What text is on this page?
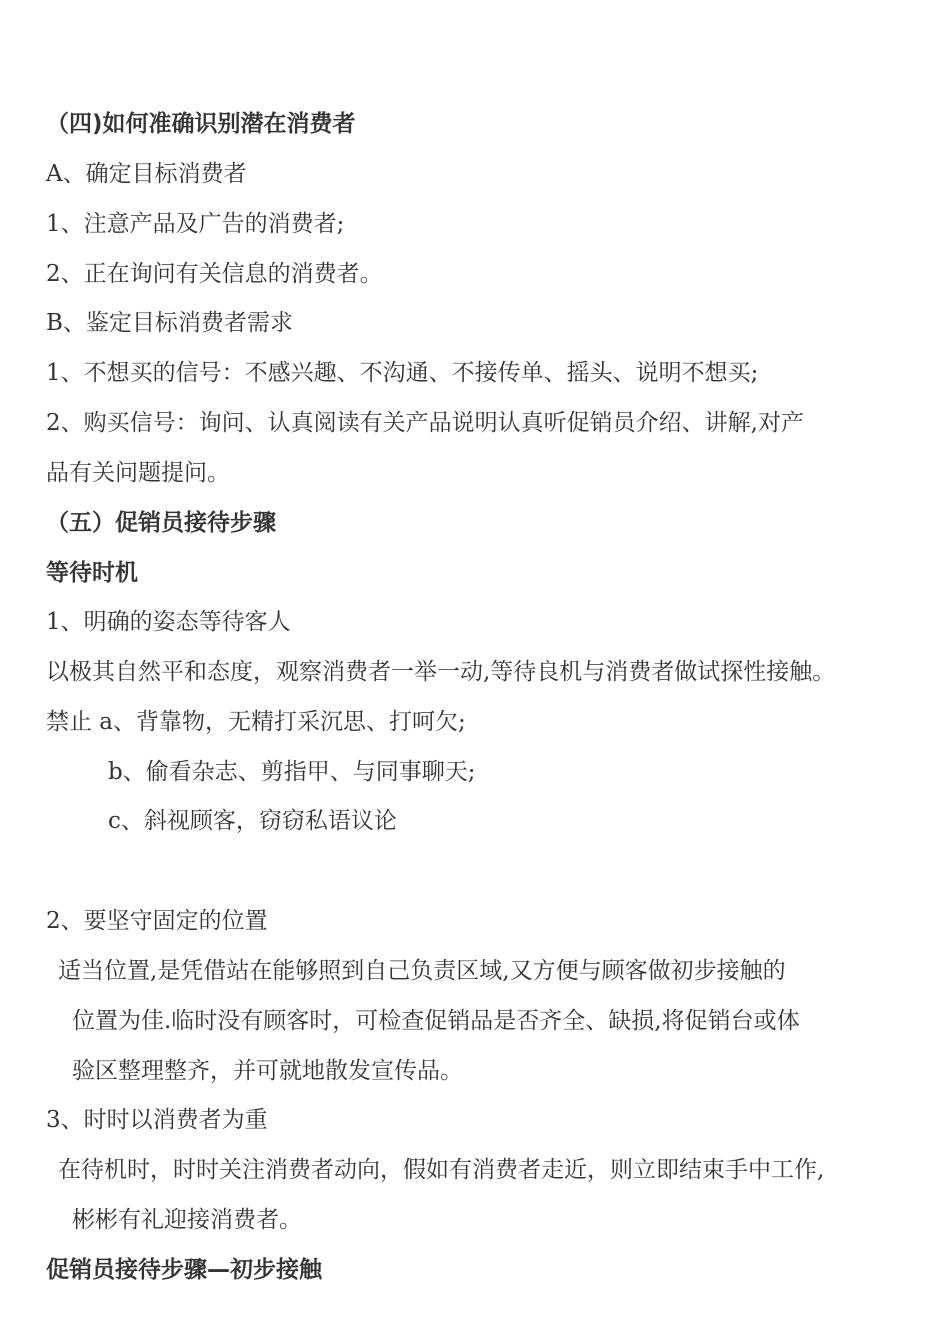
（四)如何准确识别潜在消费者
A、确定目标消费者
1、注意产品及广告的消费者;
2、正在询问有关信息的消费者。
B、鉴定目标消费者需求
1、不想买的信号：不感兴趣、不沟通、不接传单、摇头、说明不想买;
2、购买信号：询问、认真阅读有关产品说明认真听促销员介绍、讲解,对产
品有关问题提问。
（五）促销员接待步骤
等待时机
1、明确的姿态等待客人
以极其自然平和态度，观察消费者一举一动,等待良机与消费者做试探性接触。
禁止 a、背靠物，无精打采沉思、打呵欠;
b、偷看杂志、剪指甲、与同事聊天;
c、斜视顾客，窃窃私语议论
2、要坚守固定的位置
适当位置,是凭借站在能够照到自己负责区域,又方便与顾客做初步接触的
位置为佳.临时没有顾客时，可检查促销品是否齐全、缺损,将促销台或体
验区整理整齐，并可就地散发宣传品。
3、时时以消费者为重
在待机时，时时关注消费者动向，假如有消费者走近，则立即结束手中工作,
彬彬有礼迎接消费者。
促销员接待步骤—初步接触
